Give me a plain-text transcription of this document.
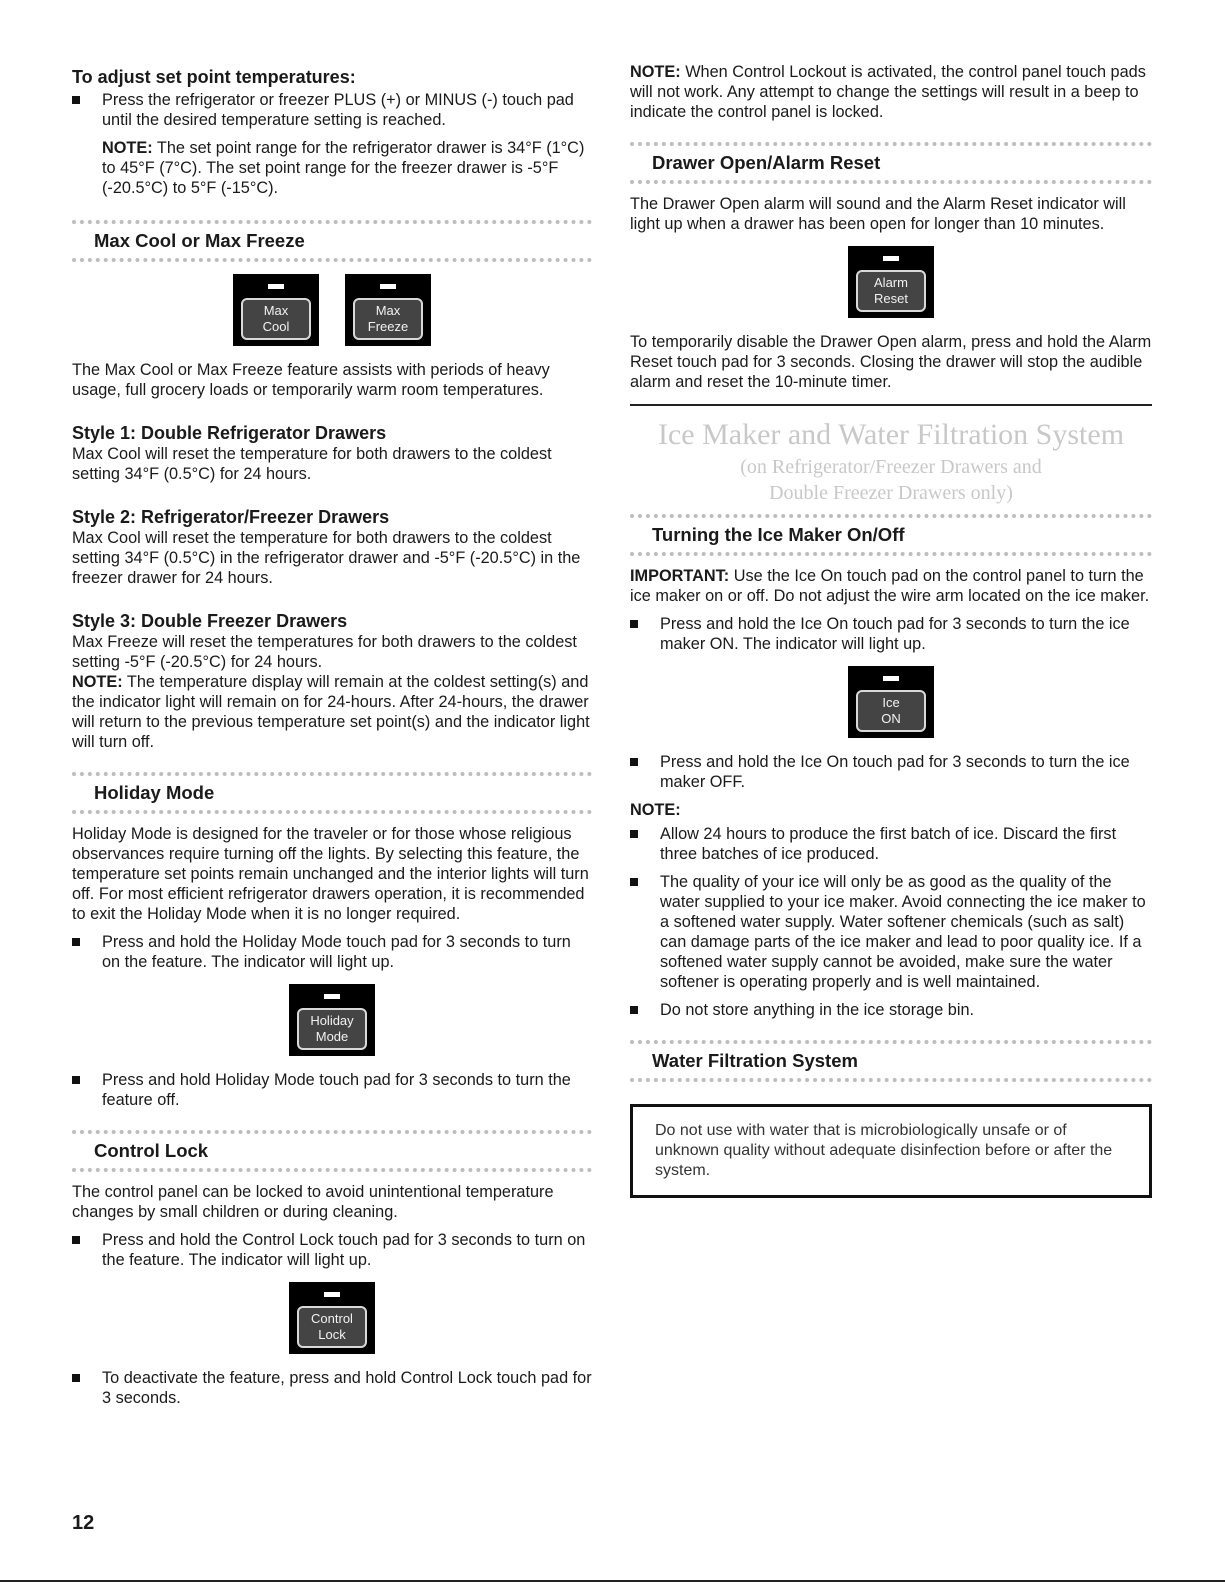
To adjust set point temperatures:
Press the refrigerator or freezer PLUS (+) or MINUS (-) touch pad until the desired temperature setting is reached.

NOTE: The set point range for the refrigerator drawer is 34°F (1°C) to 45°F (7°C). The set point range for the freezer drawer is -5°F (-20.5°C) to 5°F (-15°C).

Max Cool or Max Freeze
Max
Cool
Max
Freeze

The Max Cool or Max Freeze feature assists with periods of heavy usage, full grocery loads or temporarily warm room temperatures.

Style 1: Double Refrigerator Drawers

Max Cool will reset the temperature for both drawers to the coldest setting 34°F (0.5°C) for 24 hours.

Style 2: Refrigerator/Freezer Drawers

Max Cool will reset the temperature for both drawers to the coldest setting 34°F (0.5°C) in the refrigerator drawer and -5°F (-20.5°C) in the freezer drawer for 24 hours.

Style 3: Double Freezer Drawers

Max Freeze will reset the temperatures for both drawers to the coldest setting -5°F (-20.5°C) for 24 hours.

NOTE: The temperature display will remain at the coldest setting(s) and the indicator light will remain on for 24-hours. After 24-hours, the drawer will return to the previous temperature set point(s) and the indicator light will turn off.

Holiday Mode

Holiday Mode is designed for the traveler or for those whose religious observances require turning off the lights. By selecting this feature, the temperature set points remain unchanged and the interior lights will turn off. For most efficient refrigerator drawers operation, it is recommended to exit the Holiday Mode when it is no longer required.

Press and hold the Holiday Mode touch pad for 3 seconds to turn on the feature. The indicator will light up.
Holiday
Mode
Press and hold Holiday Mode touch pad for 3 seconds to turn the feature off.
Control Lock

The control panel can be locked to avoid unintentional temperature changes by small children or during cleaning.

Press and hold the Control Lock touch pad for 3 seconds to turn on the feature. The indicator will light up.
Control
Lock
To deactivate the feature, press and hold Control Lock touch pad for 3 seconds.

NOTE: When Control Lockout is activated, the control panel touch pads will not work. Any attempt to change the settings will result in a beep to indicate the control panel is locked.

Drawer Open/Alarm Reset

The Drawer Open alarm will sound and the Alarm Reset indicator will light up when a drawer has been open for longer than 10 minutes.

Alarm
Reset

To temporarily disable the Drawer Open alarm, press and hold the Alarm Reset touch pad for 3 seconds. Closing the drawer will stop the audible alarm and reset the 10-minute timer.

Ice Maker and Water Filtration System
(on Refrigerator/Freezer Drawers and
Double Freezer Drawers only)
Turning the Ice Maker On/Off

IMPORTANT: Use the Ice On touch pad on the control panel to turn the ice maker on or off. Do not adjust the wire arm located on the ice maker.

Press and hold the Ice On touch pad for 3 seconds to turn the ice maker ON. The indicator will light up.
Ice
ON
Press and hold the Ice On touch pad for 3 seconds to turn the ice maker OFF.

NOTE:

Allow 24 hours to produce the first batch of ice. Discard the first three batches of ice produced.
The quality of your ice will only be as good as the quality of the water supplied to your ice maker. Avoid connecting the ice maker to a softened water supply. Water softener chemicals (such as salt) can damage parts of the ice maker and lead to poor quality ice. If a softened water supply cannot be avoided, make sure the water softener is operating properly and is well maintained.
Do not store anything in the ice storage bin.
Water Filtration System
Do not use with water that is microbiologically unsafe or of unknown quality without adequate disinfection before or after the system.
12
